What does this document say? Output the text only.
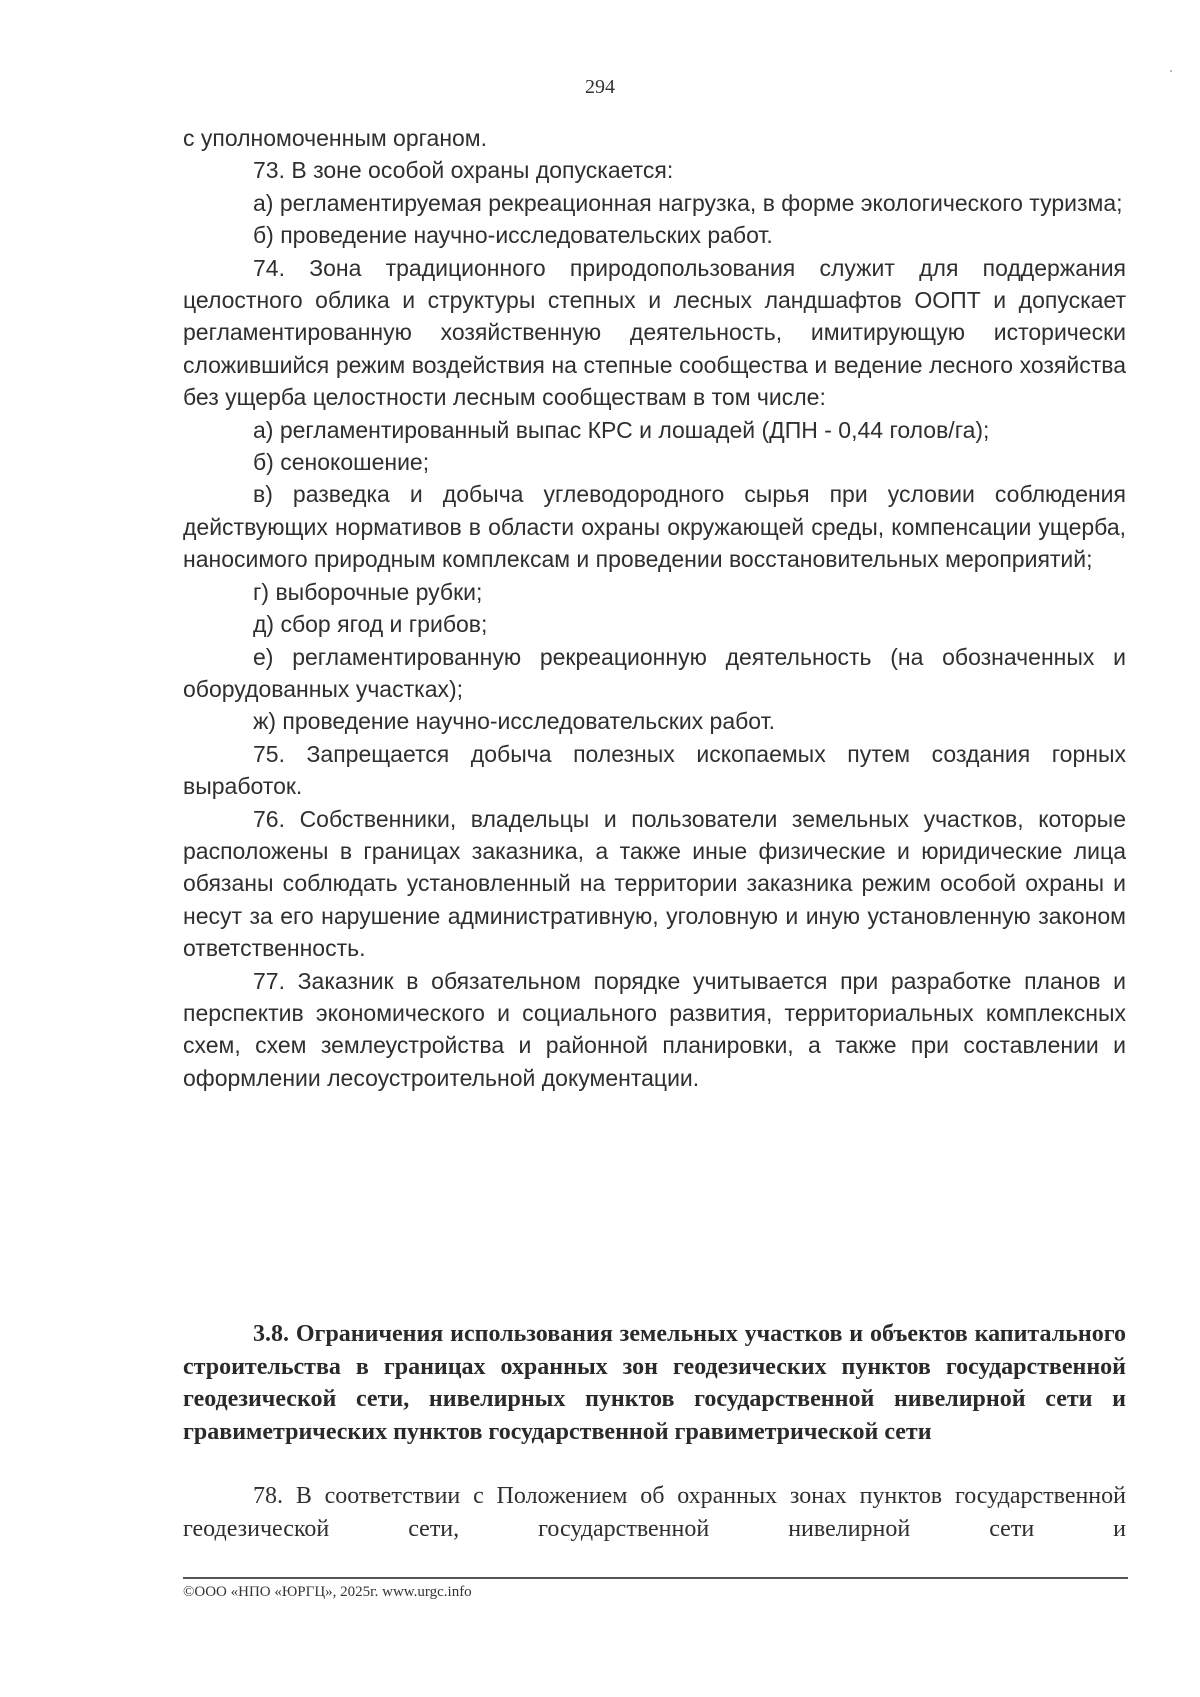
294

с уполномоченным органом.

73. В зоне особой охраны допускается:

а) регламентируемая рекреационная нагрузка, в форме экологического туризма;

б) проведение научно-исследовательских работ.

74. Зона традиционного природопользования служит для поддержания целостного облика и структуры степных и лесных ландшафтов ООПТ и допускает регламентированную хозяйственную деятельность, имитирующую исторически сложившийся режим воздействия на степные сообщества и ведение лесного хозяйства без ущерба целостности лесным сообществам в том числе:

а) регламентированный выпас КРС и лошадей (ДПН - 0,44 голов/га);

б) сенокошение;

в) разведка и добыча углеводородного сырья при условии соблюдения действующих нормативов в области охраны окружающей среды, компенсации ущерба, наносимого природным комплексам и проведении восстановительных мероприятий;

г) выборочные рубки;

д) сбор ягод и грибов;

е) регламентированную рекреационную деятельность (на обозначенных и оборудованных участках);

ж) проведение научно-исследовательских работ.

75. Запрещается добыча полезных ископаемых путем создания горных выработок.

76. Собственники, владельцы и пользователи земельных участков, которые расположены в границах заказника, а также иные физические и юридические лица обязаны соблюдать установленный на территории заказника режим особой охраны и несут за его нарушение административную, уголовную и иную установленную законом ответственность.

77. Заказник в обязательном порядке учитывается при разработке планов и перспектив экономического и социального развития, территориальных комплексных схем, схем землеустройства и районной планировки, а также при составлении и оформлении лесоустроительной документации.

3.8. Ограничения использования земельных участков и объектов капитального строительства в границах охранных зон геодезических пунктов государственной геодезической сети, нивелирных пунктов государственной нивелирной сети и гравиметрических пунктов государственной гравиметрической сети

78. В соответствии с Положением об охранных зонах пунктов государственной геодезической сети, государственной нивелирной сети и

©ООО «НПО «ЮРГЦ», 2025г. www.urgc.info
